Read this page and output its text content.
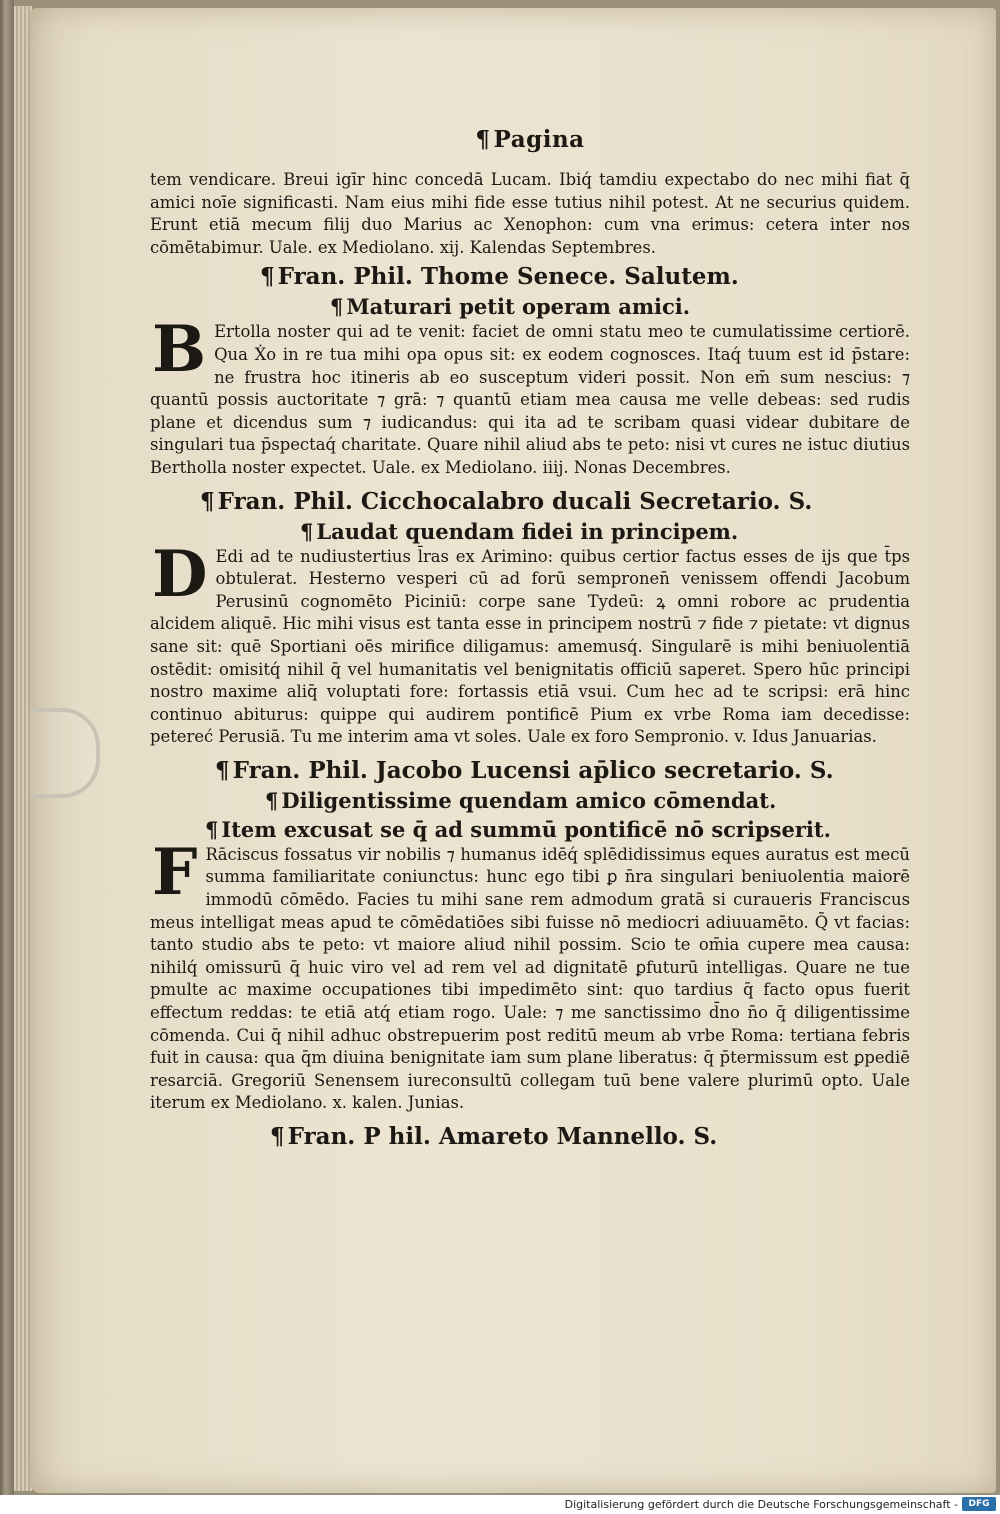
¶ Pagina

tem vendicare. Breui igīr hinc concedā Lucam. Ibiq́ tamdiu expectabo do nec mihi fiat q̄ amici noīe significasti. Nam eius mihi fide esse tutius nihil potest. At ne securius quidem. Erunt etiā mecum filij duo Marius ac Xenophon: cum vna erimus: cetera inter nos cōmētabimur. Uale. ex Mediolano. xij. Kalendas Septembres.

¶ Fran. Phil. Thome Senece. Salutem.
¶ Maturari petit operam amici.

B Ertolla noster qui ad te venit: faciet de omni statu meo te cumulatissime certiorē. Qua Ẋo in re tua mihi opa opus sit: ex eodem cognosces. Itaq́ tuum est id p̄stare: ne frustra hoc itineris ab eo susceptum videri possit. Non em̄ sum nescius: ⁊ quantū possis auctoritate ⁊ grā: ⁊ quantū etiam mea causa me velle debeas: sed rudis plane et dicendus sum ⁊ iudicandus: qui ita ad te scribam quasi videar dubitare de singulari tua p̄spectaq́ charitate. Quare nihil aliud abs te peto: nisi vt cures ne istuc diutius Bertholla noster expectet. Uale. ex Mediolano. iiij. Nonas Decembres.

¶ Fran. Phil. Cicchocalabro ducali Secretario. S.
¶ Laudat quendam fidei in principem.

D Edi ad te nudiustertius l̄ras ex Arimino: quibus certior factus esses de ijs que t̄ps obtulerat. Hesterno vesperi cū ad forū sempronen̄ venissem offendi Jacobum Perusinū cognomēto Piciniū: corpe sane Tydeū: ꝝ omni robore ac prudentia alcidem aliquē. Hic mihi visus est tanta esse in principem nostrū ⁊ fide ⁊ pietate: vt dignus sane sit: quē Sportiani oēs mirifice diligamus: amemusq́. Singularē is mihi beniuolentiā ostēdit: omisitq́ nihil q̄ vel humanitatis vel benignitatis officiū saperet. Spero hūc principi nostro maxime aliq̄ voluptati fore: fortassis etiā vsui. Cum hec ad te scripsi: erā hinc continuo abiturus: quippe qui audirem pontificē Pium ex vrbe Roma iam decedisse: petereć Perusiā. Tu me interim ama vt soles. Uale ex foro Sempronio. v. Idus Januarias.

¶ Fran. Phil. Jacobo Lucensi ap̄lico secretario. S.
¶ Diligentissime quendam amico cōmendat.
¶ Item excusat se q̄ ad summū pontificē nō scripserit.

F Rāciscus fossatus vir nobilis ⁊ humanus idēq́ splēdidissimus eques auratus est mecū summa familiaritate coniunctus: hunc ego tibi ꝑ n̄ra singulari beniuolentia maiorē immodū cōmēdo. Facies tu mihi sane rem admodum gratā si curaueris Franciscus meus intelligat meas apud te cōmēdatiōes sibi fuisse nō mediocri adiuuamēto. Q̄ vt facias: tanto studio abs te peto: vt maiore aliud nihil possim. Scio te om̄ia cupere mea causa: nihilq́ omissurū q̄ huic viro vel ad rem vel ad dignitatē ꝑfuturū intelligas. Quare ne tue pmulte ac maxime occupationes tibi impedimēto sint: quo tardius q̄ facto opus fuerit effectum reddas: te etiā atq́ etiam rogo. Uale: ⁊ me sanctissimo d̄no n̄o q̄ diligentissime cōmenda. Cui q̄ nihil adhuc obstrepuerim post reditū meum ab vrbe Roma: tertiana febris fuit in causa: qua q̄m diuina benignitate iam sum plane liberatus: q̄ p̄termissum est ꝑpediē resarciā. Gregoriū Senensem iureconsultū collegam tuū bene valere plurimū opto. Uale iterum ex Mediolano. x. kalen. Junias.

¶ Fran. P hil. Amareto Mannello. S.
Digitalisierung gefördert durch die Deutsche Forschungsgemeinschaft -	DFG
